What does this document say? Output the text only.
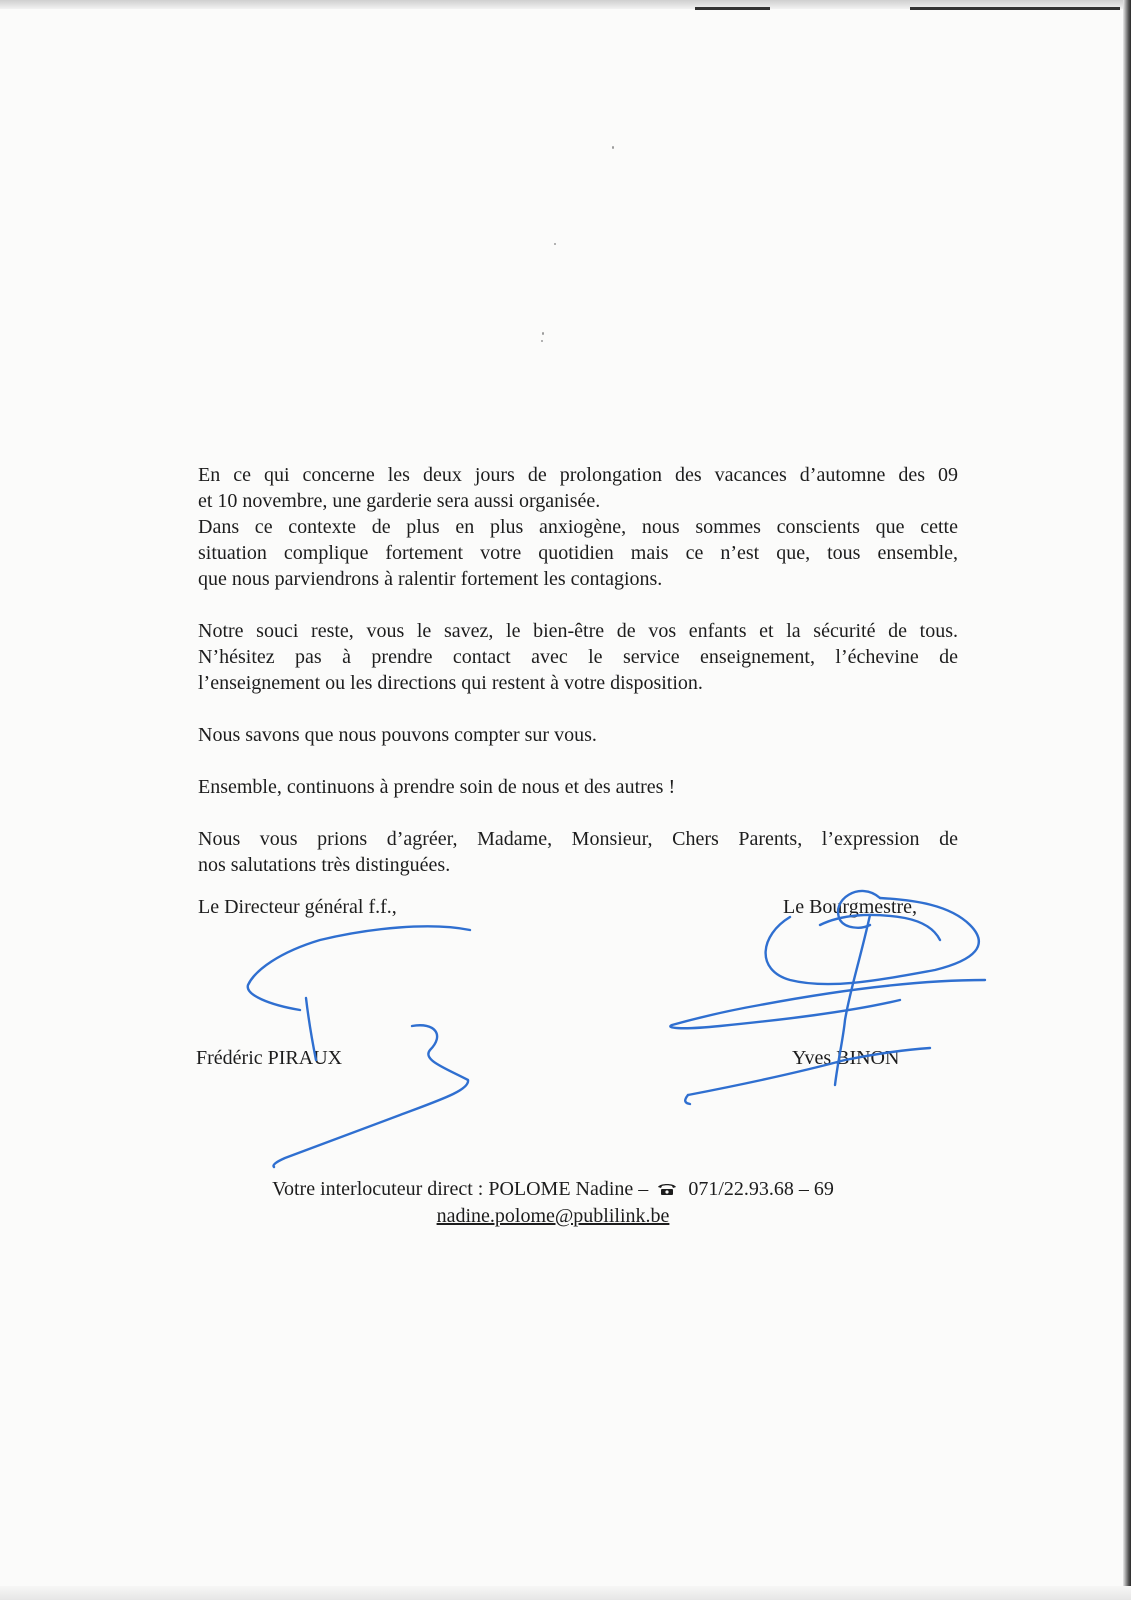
En ce qui concerne les deux jours de prolongation des vacances d’automne des 09
et 10 novembre, une garderie sera aussi organisée.
Dans ce contexte de plus en plus anxiogène, nous sommes conscients que cette
situation complique fortement votre quotidien mais ce n’est que, tous ensemble,
que nous parviendrons à ralentir fortement les contagions.

Notre souci reste, vous le savez, le bien-être de vos enfants et la sécurité de tous.
N’hésitez pas à prendre contact avec le service enseignement, l’échevine de
l’enseignement ou les directions qui restent à votre disposition.

Nous savons que nous pouvons compter sur vous.

Ensemble, continuons à prendre soin de nous et des autres !

Nous vous prions d’agréer, Madame, Monsieur, Chers Parents, l’expression de
nos salutations très distinguées.

Le Directeur général f.f.,	Le Bourgmestre,
Frédéric PIRAUX	Yves BINON
Votre interlocuteur direct : POLOME Nadine – 071/22.93.68 – 69
nadine.polome@publilink.be
